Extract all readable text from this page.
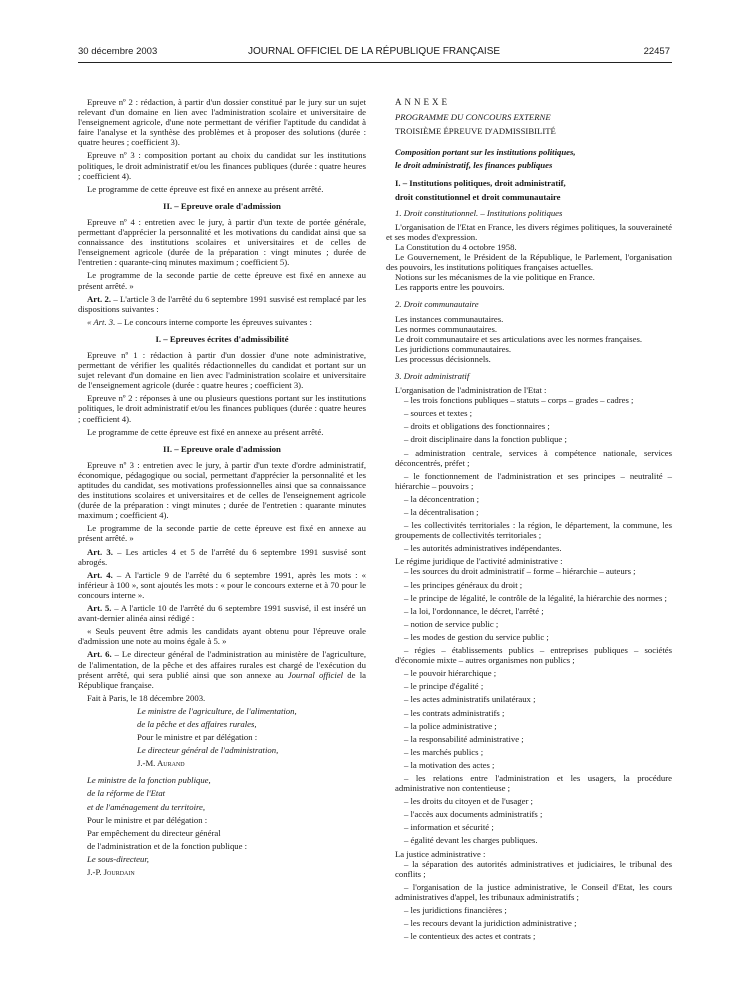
JOURNAL OFFICIEL DE LA RÉPUBLIQUE FRANÇAISE
30 décembre 2003	22457

Epreuve nº 2 : rédaction, à partir d'un dossier constitué par le jury sur un sujet relevant d'un domaine en lien avec l'administration scolaire et universitaire de l'enseignement agricole, d'une note permettant de vérifier l'aptitude du candidat à faire l'analyse et la synthèse des problèmes et à proposer des solutions (durée : quatre heures ; coefficient 3).

Epreuve nº 3 : composition portant au choix du candidat sur les institutions politiques, le droit administratif et/ou les finances publiques (durée : quatre heures ; coefficient 4).

Le programme de cette épreuve est fixé en annexe au présent arrêté.

II. – Epreuve orale d'admission

Epreuve nº 4 : entretien avec le jury, à partir d'un texte de portée générale, permettant d'apprécier la personnalité et les motivations du candidat ainsi que sa connaissance des institutions scolaires et universitaires et de celles de l'enseignement agricole (durée de la préparation : vingt minutes ; durée de l'entretien : quarante-cinq minutes maximum ; coefficient 5).

Le programme de la seconde partie de cette épreuve est fixé en annexe au présent arrêté. »

Art. 2. – L'article 3 de l'arrêté du 6 septembre 1991 susvisé est remplacé par les dispositions suivantes :

« Art. 3. – Le concours interne comporte les épreuves suivantes :

I. – Epreuves écrites d'admissibilité

Epreuve nº 1 : rédaction à partir d'un dossier d'une note administrative, permettant de vérifier les qualités rédactionnelles du candidat et portant sur un sujet relevant d'un domaine en lien avec l'administration scolaire et universitaire de l'enseignement agricole (durée : quatre heures ; coefficient 3).

Epreuve nº 2 : réponses à une ou plusieurs questions portant sur les institutions politiques, le droit administratif et/ou les finances publiques (durée : quatre heures ; coefficient 4).

Le programme de cette épreuve est fixé en annexe au présent arrêté.

II. – Epreuve orale d'admission

Epreuve nº 3 : entretien avec le jury, à partir d'un texte d'ordre administratif, économique, pédagogique ou social, permettant d'apprécier la personnalité et les aptitudes du candidat, ses motivations professionnelles ainsi que sa connaissance des institutions scolaires et universitaires et de celles de l'enseignement agricole (durée de la préparation : vingt minutes ; durée de l'entretien : quarante minutes maximum ; coefficient 4).

Le programme de la seconde partie de cette épreuve est fixé en annexe au présent arrêté. »

Art. 3. – Les articles 4 et 5 de l'arrêté du 6 septembre 1991 susvisé sont abrogés.

Art. 4. – A l'article 9 de l'arrêté du 6 septembre 1991, après les mots : « inférieur à 100 », sont ajoutés les mots : « pour le concours externe et à 70 pour le concours interne ».

Art. 5. – A l'article 10 de l'arrêté du 6 septembre 1991 susvisé, il est inséré un avant-dernier alinéa ainsi rédigé :

« Seuls peuvent être admis les candidats ayant obtenu pour l'épreuve orale d'admission une note au moins égale à 5. »

Art. 6. – Le directeur général de l'administration au ministère de l'agriculture, de l'alimentation, de la pêche et des affaires rurales est chargé de l'exécution du présent arrêté, qui sera publié ainsi que son annexe au Journal officiel de la République française.

Fait à Paris, le 18 décembre 2003.

Le ministre de l'agriculture, de l'alimentation,

de la pêche et des affaires rurales,

Pour le ministre et par délégation :

Le directeur général de l'administration,

J.-M. Aurand

Le ministre de la fonction publique,

de la réforme de l'Etat

et de l'aménagement du territoire,

Pour le ministre et par délégation :

Par empêchement du directeur général

de l'administration et de la fonction publique :

Le sous-directeur,

J.-P. Jourdain

ANNEXE

PROGRAMME DU CONCOURS EXTERNE

TROISIÈME ÉPREUVE D'ADMISSIBILITÉ

Composition portant sur les institutions politiques,

le droit administratif, les finances publiques

I. – Institutions politiques, droit administratif,

droit constitutionnel et droit communautaire

1. Droit constitutionnel. – Institutions politiques

L'organisation de l'Etat en France, les divers régimes politiques, la souveraineté et ses modes d'expression.

La Constitution du 4 octobre 1958.

Le Gouvernement, le Président de la République, le Parlement, l'organisation des pouvoirs, les institutions politiques françaises actuelles.

Notions sur les mécanismes de la vie politique en France.

Les rapports entre les pouvoirs.

2. Droit communautaire

Les instances communautaires.

Les normes communautaires.

Le droit communautaire et ses articulations avec les normes françaises.

Les juridictions communautaires.

Les processus décisionnels.

3. Droit administratif

L'organisation de l'administration de l'Etat :

– les trois fonctions publiques – statuts – corps – grades – cadres ;

– sources et textes ;

– droits et obligations des fonctionnaires ;

– droit disciplinaire dans la fonction publique ;

– administration centrale, services à compétence nationale, services déconcentrés, préfet ;

– le fonctionnement de l'administration et ses principes – neutralité – hiérarchie – pouvoirs ;

– la déconcentration ;

– la décentralisation ;

– les collectivités territoriales : la région, le département, la commune, les groupements de collectivités territoriales ;

– les autorités administratives indépendantes.

Le régime juridique de l'activité administrative :

– les sources du droit administratif – forme – hiérarchie – auteurs ;

– les principes généraux du droit ;

– le principe de légalité, le contrôle de la légalité, la hiérarchie des normes ;

– la loi, l'ordonnance, le décret, l'arrêté ;

– notion de service public ;

– les modes de gestion du service public ;

– régies – établissements publics – entreprises publiques – sociétés d'économie mixte – autres organismes non publics ;

– le pouvoir hiérarchique ;

– le principe d'égalité ;

– les actes administratifs unilatéraux ;

– les contrats administratifs ;

– la police administrative ;

– la responsabilité administrative ;

– les marchés publics ;

– la motivation des actes ;

– les relations entre l'administration et les usagers, la procédure administrative non contentieuse ;

– les droits du citoyen et de l'usager ;

– l'accès aux documents administratifs ;

– information et sécurité ;

– égalité devant les charges publiques.

La justice administrative :

– la séparation des autorités administratives et judiciaires, le tribunal des conflits ;

– l'organisation de la justice administrative, le Conseil d'Etat, les cours administratives d'appel, les tribunaux administratifs ;

– les juridictions financières ;

– les recours devant la juridiction administrative ;

– le contentieux des actes et contrats ;
